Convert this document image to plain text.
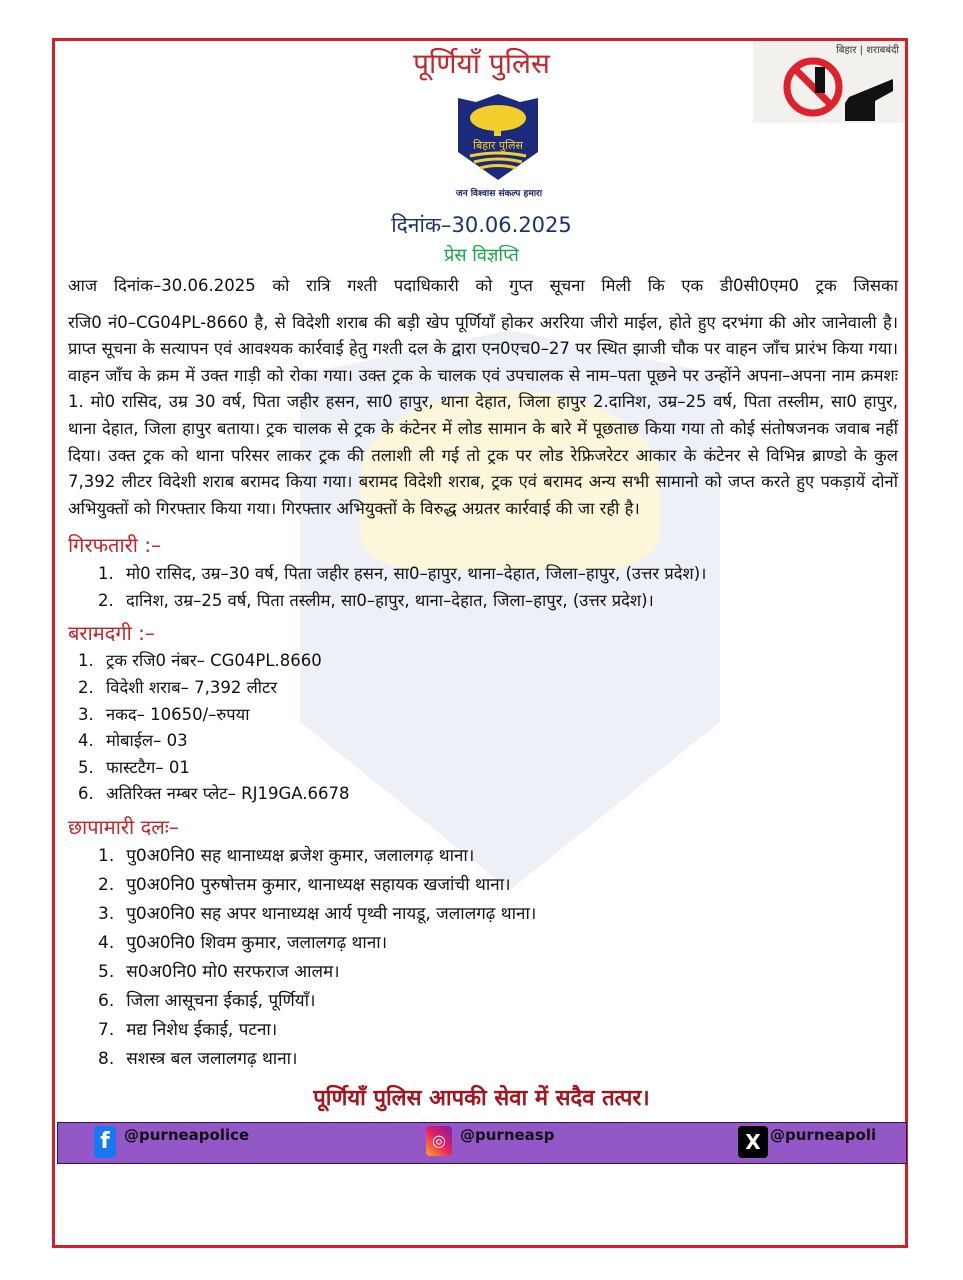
पूर्णियाँ पुलिस
बिहार पुलिस
जन विश्वास संकल्प हमारा
बिहार | शराबबंदी
दिनांक–30.06.2025
प्रेस विज्ञप्ति
आज दिनांक–30.06.2025 को रात्रि गश्ती पदाधिकारी को गुप्त सूचना मिली कि एक डी0सी0एम0 ट्रक जिसका
रजि0 नं0–CG04PL-8660 है, से विदेशी शराब की बड़ी खेप पूर्णियाँ होकर अररिया जीरो माईल, होते हुए दरभंगा की ओर जानेवाली है। प्राप्त सूचना के सत्यापन एवं आवश्यक कार्रवाई हेतु गश्ती दल के द्वारा एन0एच0–27 पर स्थित झाजी चौक पर वाहन जाँच प्रारंभ किया गया। वाहन जाँच के क्रम में उक्त गाड़ी को रोका गया। उक्त ट्रक के चालक एवं उपचालक से नाम–पता पूछने पर उन्होंने अपना–अपना नाम क्रमशः 1. मो0 रासिद, उम्र 30 वर्ष, पिता जहीर हसन, सा0 हापुर, थाना देहात, जिला हापुर 2.दानिश, उम्र–25 वर्ष, पिता तस्लीम, सा0 हापुर, थाना देहात, जिला हापुर बताया। ट्रक चालक से ट्रक के कंटेनर में लोड सामान के बारे में पूछताछ किया गया तो कोई संतोषजनक जवाब नहीं दिया। उक्त ट्रक को थाना परिसर लाकर ट्रक की तलाशी ली गई तो ट्रक पर लोड रेफ्रिजरेटर आकार के कंटेनर से विभिन्न ब्राण्डो के कुल 7,392 लीटर विदेशी शराब बरामद किया गया। बरामद विदेशी शराब, ट्रक एवं बरामद अन्य सभी सामानो को जप्त करते हुए पकड़ायें दोनों अभियुक्तों को गिरफ्तार किया गया। गिरफ्तार अभियुक्तों के विरुद्ध अग्रतर कार्रवाई की जा रही है।
गिरफतारी :–
1. मो0 रासिद, उम्र–30 वर्ष, पिता जहीर हसन, सा0–हापुर, थाना–देहात, जिला–हापुर, (उत्तर प्रदेश)।
2. दानिश, उम्र–25 वर्ष, पिता तस्लीम, सा0–हापुर, थाना–देहात, जिला–हापुर, (उत्तर प्रदेश)।
बरामदगी :–
1. ट्रक रजि0 नंबर– CG04PL.8660
2. विदेशी शराब– 7,392 लीटर
3. नकद– 10650/–रुपया
4. मोबाईल– 03
5. फास्टटैग– 01
6. अतिरिक्त नम्बर प्लेट– RJ19GA.6678
छापामारी दलः–
1. पु0अ0नि0 सह थानाध्यक्ष ब्रजेश कुमार, जलालगढ़ थाना।
2. पु0अ0नि0 पुरुषोत्तम कुमार, थानाध्यक्ष सहायक खजांची थाना।
3. पु0अ0नि0 सह अपर थानाध्यक्ष आर्य पृथ्वी नायडू, जलालगढ़ थाना।
4. पु0अ0नि0 शिवम कुमार, जलालगढ़ थाना।
5. स0अ0नि0 मो0 सरफराज आलम।
6. जिला आसूचना ईकाई, पूर्णियाँ।
7. मद्य निशेध ईकाई, पटना।
8. सशस्त्र बल जलालगढ़ थाना।
पूर्णियाँ पुलिस आपकी सेवा में सदैव तत्पर।
f @purneapolice	◎ @purneasp	X @purneapoli
